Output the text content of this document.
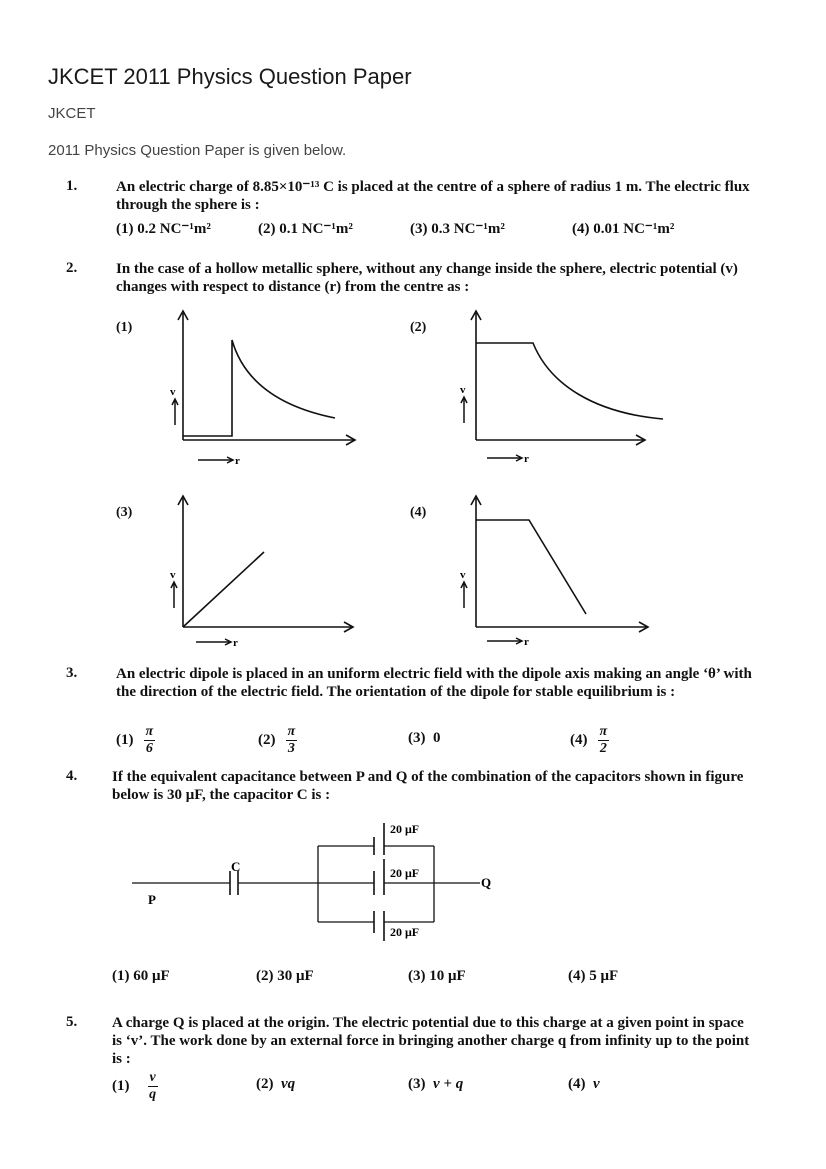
JKCET 2011 Physics Question Paper
JKCET
2011 Physics Question Paper is given below.
1.	An electric charge of 8.85×10⁻¹³ C is placed at the centre of a sphere of radius 1 m. The electric flux through the sphere is :
(1) 0.2 NC⁻¹m²	(2) 0.1 NC⁻¹m²	(3) 0.3 NC⁻¹m²	(4) 0.01 NC⁻¹m²
2.	In the case of a hollow metallic sphere, without any change inside the sphere, electric potential (v) changes with respect to distance (r) from the centre as :
(1)	(2)
(3)	(4)
v
r
v
r
v
r
v
r
3.	An electric dipole is placed in an uniform electric field with the dipole axis making an angle ‘θ’ with the direction of the electric field. The orientation of the dipole for stable equilibrium is :
$(1) \frac{\pi}{6}$	$(2) \frac{\pi}{3}$	(3) 0	$(4) \frac{\pi}{2}$
4. If the equivalent capacitance between P and Q of the combination of the capacitors shown in figure below is 30 μF, the capacitor C is :
C
20 μF
20 μF
20 μF
P
Q
(1) 60 μF	(2) 30 μF	(3) 10 μF	(4) 5 μF
5. A charge Q is placed at the origin. The electric potential due to this charge at a given point in space is ‘v’. The work done by an external force in bringing another charge q from infinity up to the point is :
$(1) \frac{v}{q}$	(2) vq	(3) v + q	(4) v
